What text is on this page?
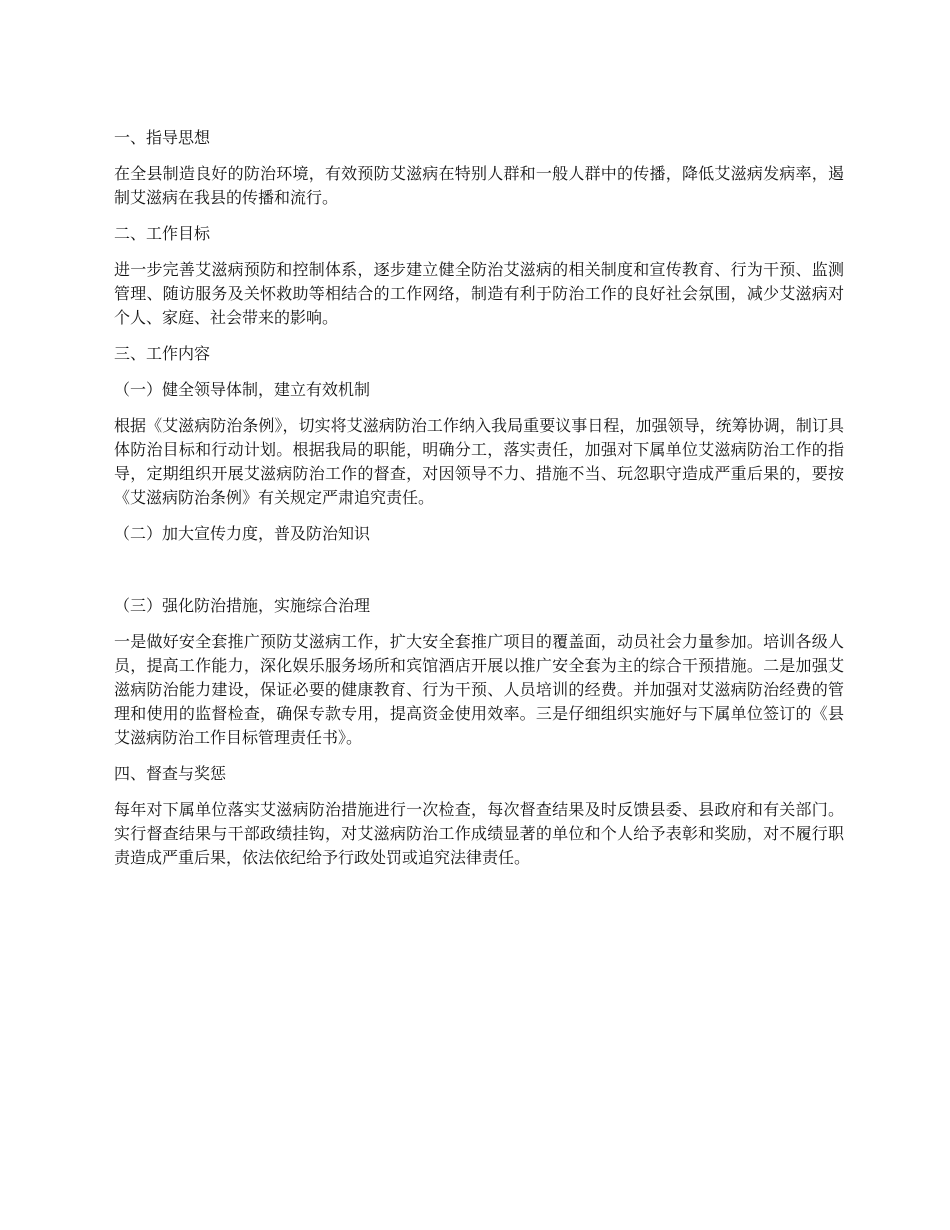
一、指导思想

在全县制造良好的防治环境，有效预防艾滋病在特别人群和一般人群中的传播，降低艾滋病发病率，遏制艾滋病在我县的传播和流行。

二、工作目标

进一步完善艾滋病预防和控制体系，逐步建立健全防治艾滋病的相关制度和宣传教育、行为干预、监测管理、随访服务及关怀救助等相结合的工作网络，制造有利于防治工作的良好社会氛围，减少艾滋病对个人、家庭、社会带来的影响。

三、工作内容

（一）健全领导体制，建立有效机制

根据《艾滋病防治条例》，切实将艾滋病防治工作纳入我局重要议事日程，加强领导，统筹协调，制订具体防治目标和行动计划。根据我局的职能，明确分工，落实责任，加强对下属单位艾滋病防治工作的指导，定期组织开展艾滋病防治工作的督查，对因领导不力、措施不当、玩忽职守造成严重后果的，要按《艾滋病防治条例》有关规定严肃追究责任。

（二）加大宣传力度，普及防治知识

（三）强化防治措施，实施综合治理

一是做好安全套推广预防艾滋病工作，扩大安全套推广项目的覆盖面，动员社会力量参加。培训各级人员，提高工作能力，深化娱乐服务场所和宾馆酒店开展以推广安全套为主的综合干预措施。二是加强艾滋病防治能力建设，保证必要的健康教育、行为干预、人员培训的经费。并加强对艾滋病防治经费的管理和使用的监督检查，确保专款专用，提高资金使用效率。三是仔细组织实施好与下属单位签订的《县艾滋病防治工作目标管理责任书》。

四、督查与奖惩

每年对下属单位落实艾滋病防治措施进行一次检查，每次督查结果及时反馈县委、县政府和有关部门。实行督查结果与干部政绩挂钩，对艾滋病防治工作成绩显著的单位和个人给予表彰和奖励，对不履行职责造成严重后果，依法依纪给予行政处罚或追究法律责任。
